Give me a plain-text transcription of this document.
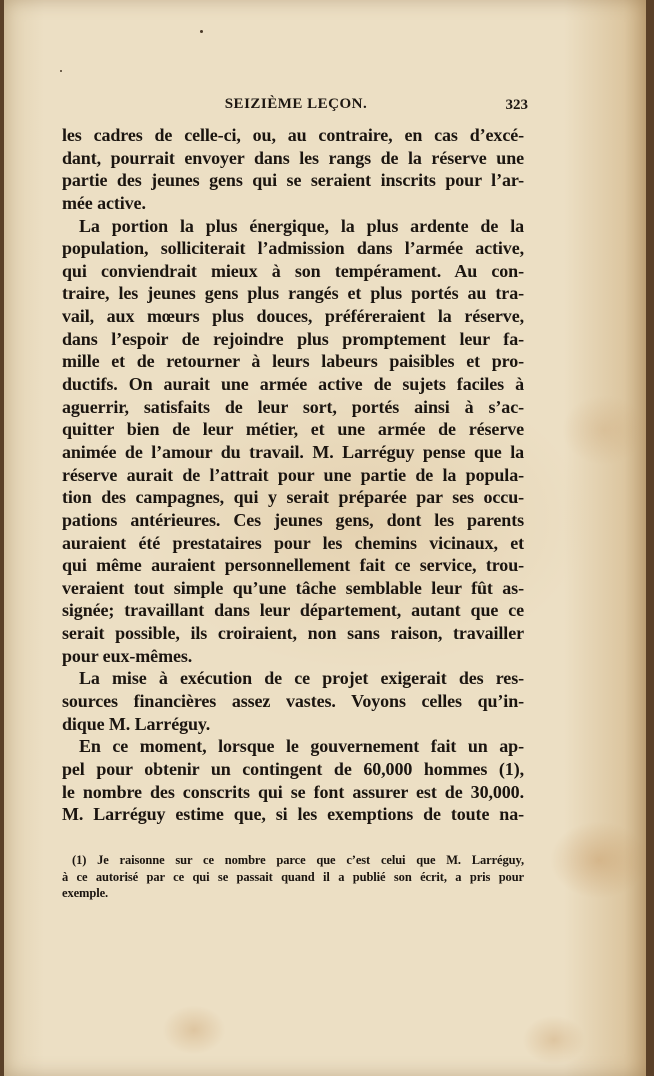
SEIZIÈME LEÇON.	323
les cadres de celle-ci, ou, au contraire, en cas d’excé-
dant, pourrait envoyer dans les rangs de la réserve une
partie des jeunes gens qui se seraient inscrits pour l’ar-
mée active.
La portion la plus énergique, la plus ardente de la
population, solliciterait l’admission dans l’armée active,
qui conviendrait mieux à son tempérament. Au con-
traire, les jeunes gens plus rangés et plus portés au tra-
vail, aux mœurs plus douces, préféreraient la réserve,
dans l’espoir de rejoindre plus promptement leur fa-
mille et de retourner à leurs labeurs paisibles et pro-
ductifs. On aurait une armée active de sujets faciles à
aguerrir, satisfaits de leur sort, portés ainsi à s’ac-
quitter bien de leur métier, et une armée de réserve
animée de l’amour du travail. M. Larréguy pense que la
réserve aurait de l’attrait pour une partie de la popula-
tion des campagnes, qui y serait préparée par ses occu-
pations antérieures. Ces jeunes gens, dont les parents
auraient été prestataires pour les chemins vicinaux, et
qui même auraient personnellement fait ce service, trou-
veraient tout simple qu’une tâche semblable leur fût as-
signée; travaillant dans leur département, autant que ce
serait possible, ils croiraient, non sans raison, travailler
pour eux-mêmes.
La mise à exécution de ce projet exigerait des res-
sources financières assez vastes. Voyons celles qu’in-
dique M. Larréguy.
En ce moment, lorsque le gouvernement fait un ap-
pel pour obtenir un contingent de 60,000 hommes (1),
le nombre des conscrits qui se font assurer est de 30,000.
M. Larréguy estime que, si les exemptions de toute na-
(1) Je raisonne sur ce nombre parce que c’est celui que M. Larréguy,
à ce autorisé par ce qui se passait quand il a publié son écrit, a pris pour
exemple.
